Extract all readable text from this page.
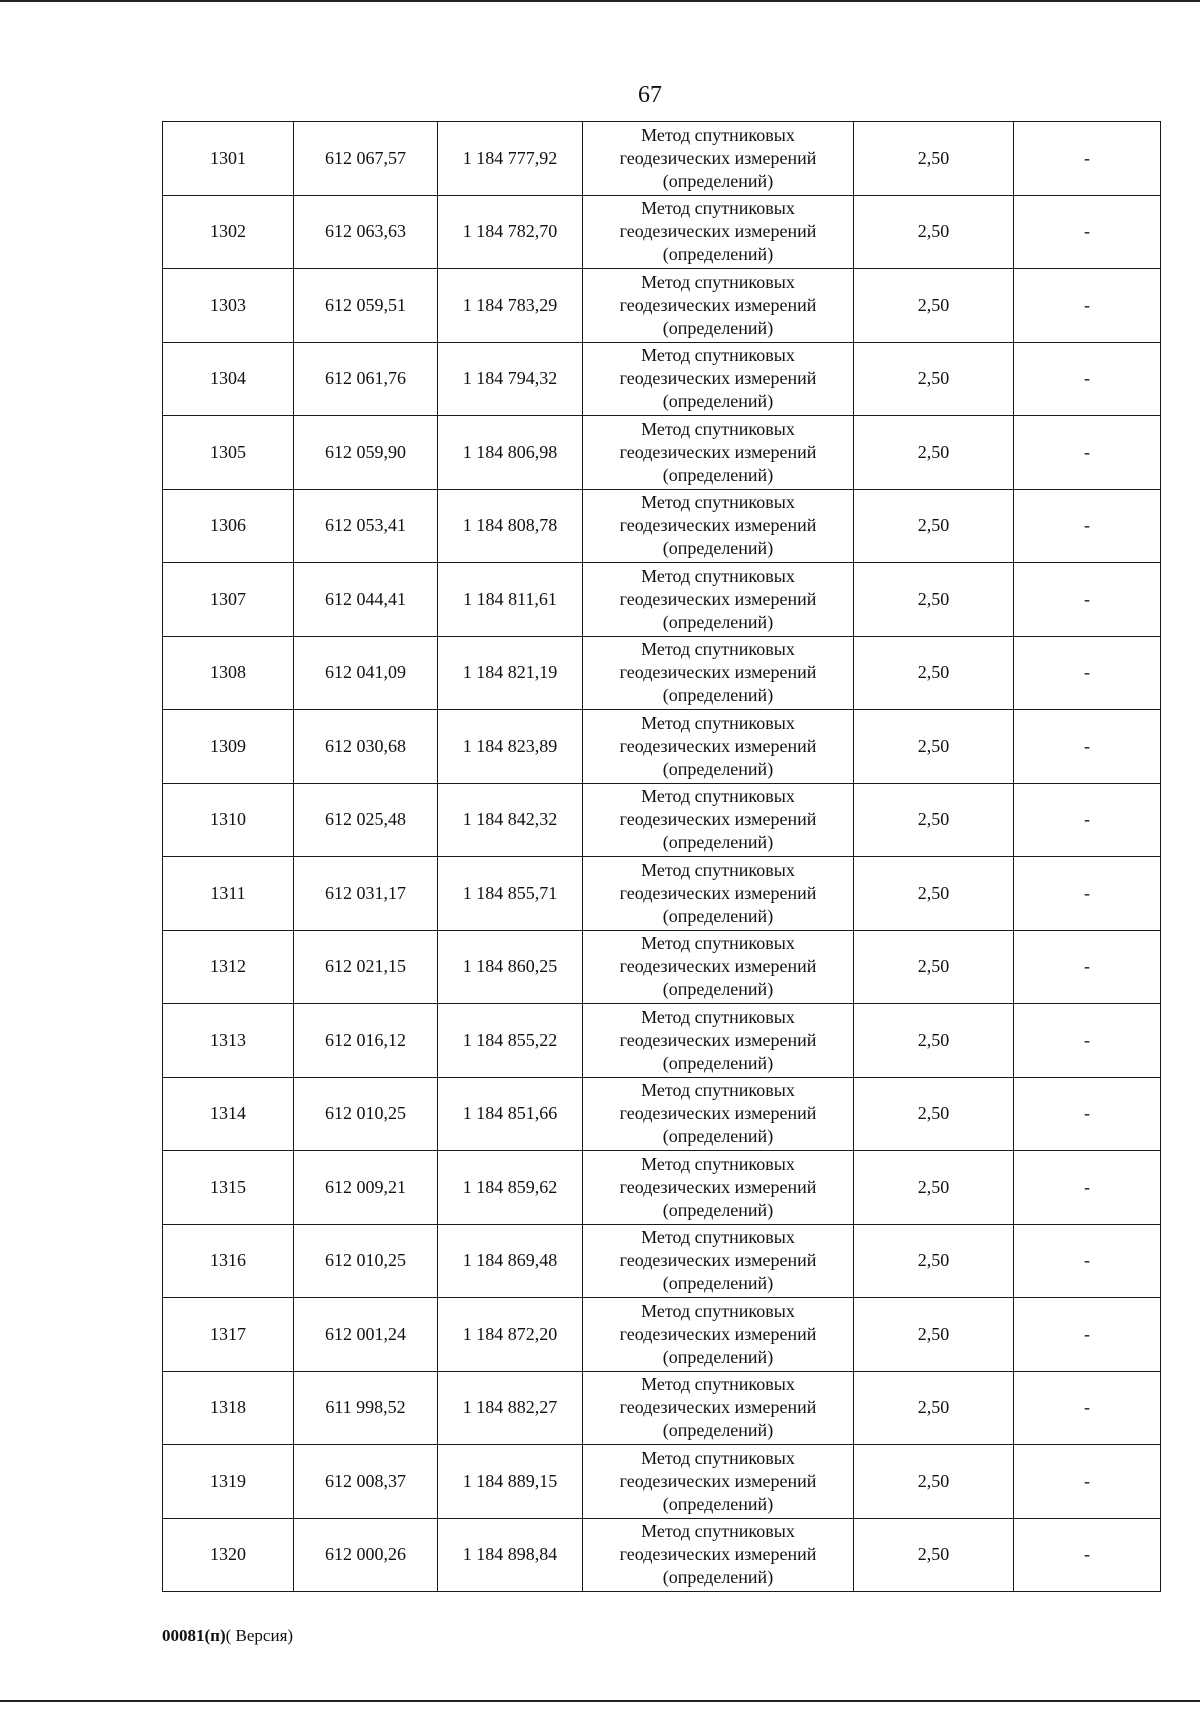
67
1301	612 067,57	1 184 777,92	Метод спутниковых
геодезических измерений
(определений)	2,50	-
1302	612 063,63	1 184 782,70	Метод спутниковых
геодезических измерений
(определений)	2,50	-
1303	612 059,51	1 184 783,29	Метод спутниковых
геодезических измерений
(определений)	2,50	-
1304	612 061,76	1 184 794,32	Метод спутниковых
геодезических измерений
(определений)	2,50	-
1305	612 059,90	1 184 806,98	Метод спутниковых
геодезических измерений
(определений)	2,50	-
1306	612 053,41	1 184 808,78	Метод спутниковых
геодезических измерений
(определений)	2,50	-
1307	612 044,41	1 184 811,61	Метод спутниковых
геодезических измерений
(определений)	2,50	-
1308	612 041,09	1 184 821,19	Метод спутниковых
геодезических измерений
(определений)	2,50	-
1309	612 030,68	1 184 823,89	Метод спутниковых
геодезических измерений
(определений)	2,50	-
1310	612 025,48	1 184 842,32	Метод спутниковых
геодезических измерений
(определений)	2,50	-
1311	612 031,17	1 184 855,71	Метод спутниковых
геодезических измерений
(определений)	2,50	-
1312	612 021,15	1 184 860,25	Метод спутниковых
геодезических измерений
(определений)	2,50	-
1313	612 016,12	1 184 855,22	Метод спутниковых
геодезических измерений
(определений)	2,50	-
1314	612 010,25	1 184 851,66	Метод спутниковых
геодезических измерений
(определений)	2,50	-
1315	612 009,21	1 184 859,62	Метод спутниковых
геодезических измерений
(определений)	2,50	-
1316	612 010,25	1 184 869,48	Метод спутниковых
геодезических измерений
(определений)	2,50	-
1317	612 001,24	1 184 872,20	Метод спутниковых
геодезических измерений
(определений)	2,50	-
1318	611 998,52	1 184 882,27	Метод спутниковых
геодезических измерений
(определений)	2,50	-
1319	612 008,37	1 184 889,15	Метод спутниковых
геодезических измерений
(определений)	2,50	-
1320	612 000,26	1 184 898,84	Метод спутниковых
геодезических измерений
(определений)	2,50	-
00081(п)( Версия)
